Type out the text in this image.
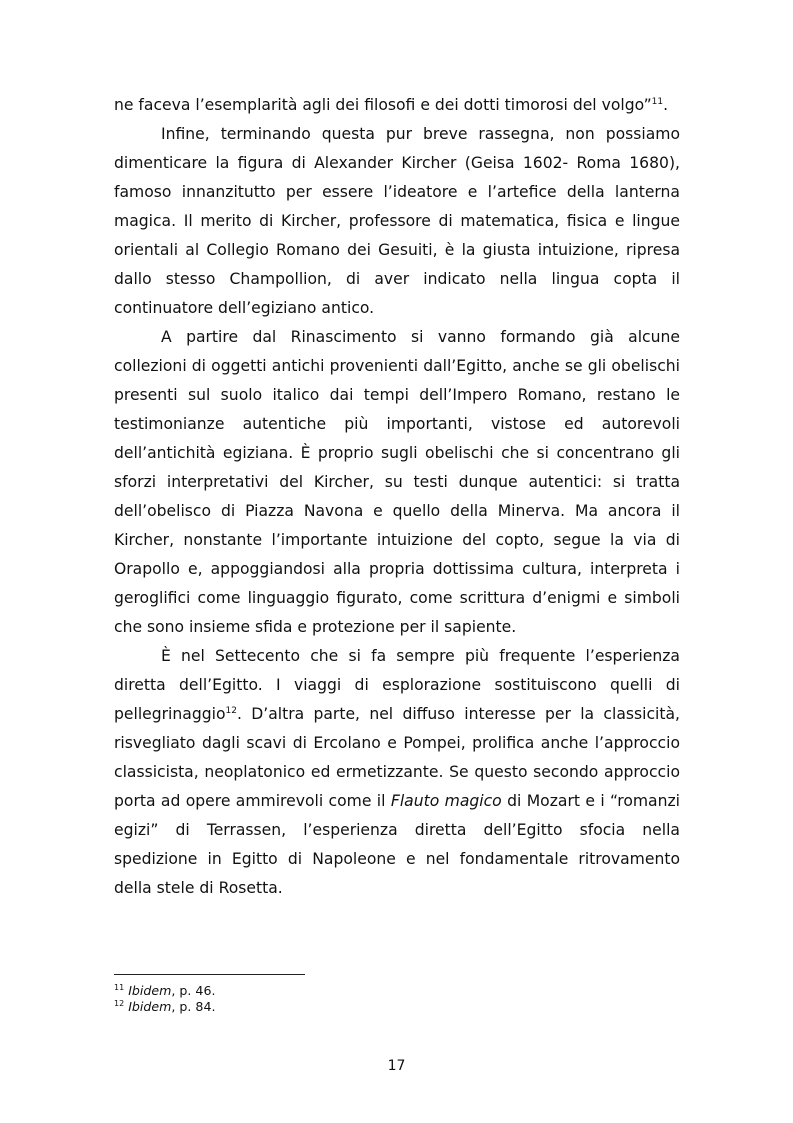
ne faceva l’esemplarità agli dei filosofi e dei dotti timorosi del volgo”$^{11}$.

Infine, terminando questa pur breve rassegna, non possiamo dimenticare la figura di Alexander Kircher (Geisa 1602- Roma 1680), famoso innanzitutto per essere l’ideatore e l’artefice della lanterna magica. Il merito di Kircher, professore di matematica, fisica e lingue orientali al Collegio Romano dei Gesuiti, è la giusta intuizione, ripresa dallo stesso Champollion, di aver indicato nella lingua copta il continuatore dell’egiziano antico.

A partire dal Rinascimento si vanno formando già alcune collezioni di oggetti antichi provenienti dall’Egitto, anche se gli obelischi presenti sul suolo italico dai tempi dell’Impero Romano, restano le testimonianze autentiche più importanti, vistose ed autorevoli dell’antichità egiziana. È proprio sugli obelischi che si concentrano gli sforzi interpretativi del Kircher, su testi dunque autentici: si tratta dell’obelisco di Piazza Navona e quello della Minerva. Ma ancora il Kircher, nonstante l’importante intuizione del copto, segue la via di Orapollo e, appoggiandosi alla propria dottissima cultura, interpreta i geroglifici come linguaggio figurato, come scrittura d’enigmi e simboli che sono insieme sfida e protezione per il sapiente.

È nel Settecento che si fa sempre più frequente l’esperienza diretta dell’Egitto. I viaggi di esplorazione sostituiscono quelli di pellegrinaggio$^{12}$. D’altra parte, nel diffuso interesse per la classicità, risvegliato dagli scavi di Ercolano e Pompei, prolifica anche l’approccio classicista, neoplatonico ed ermetizzante. Se questo secondo approccio porta ad opere ammirevoli come il Flauto magico di Mozart e i “romanzi egizi” di Terrassen, l’esperienza diretta dell’Egitto sfocia nella spedizione in Egitto di Napoleone e nel fondamentale ritrovamento della stele di Rosetta.

$^{11}$ Ibidem, p. 46.
$^{12}$ Ibidem, p. 84.
17
